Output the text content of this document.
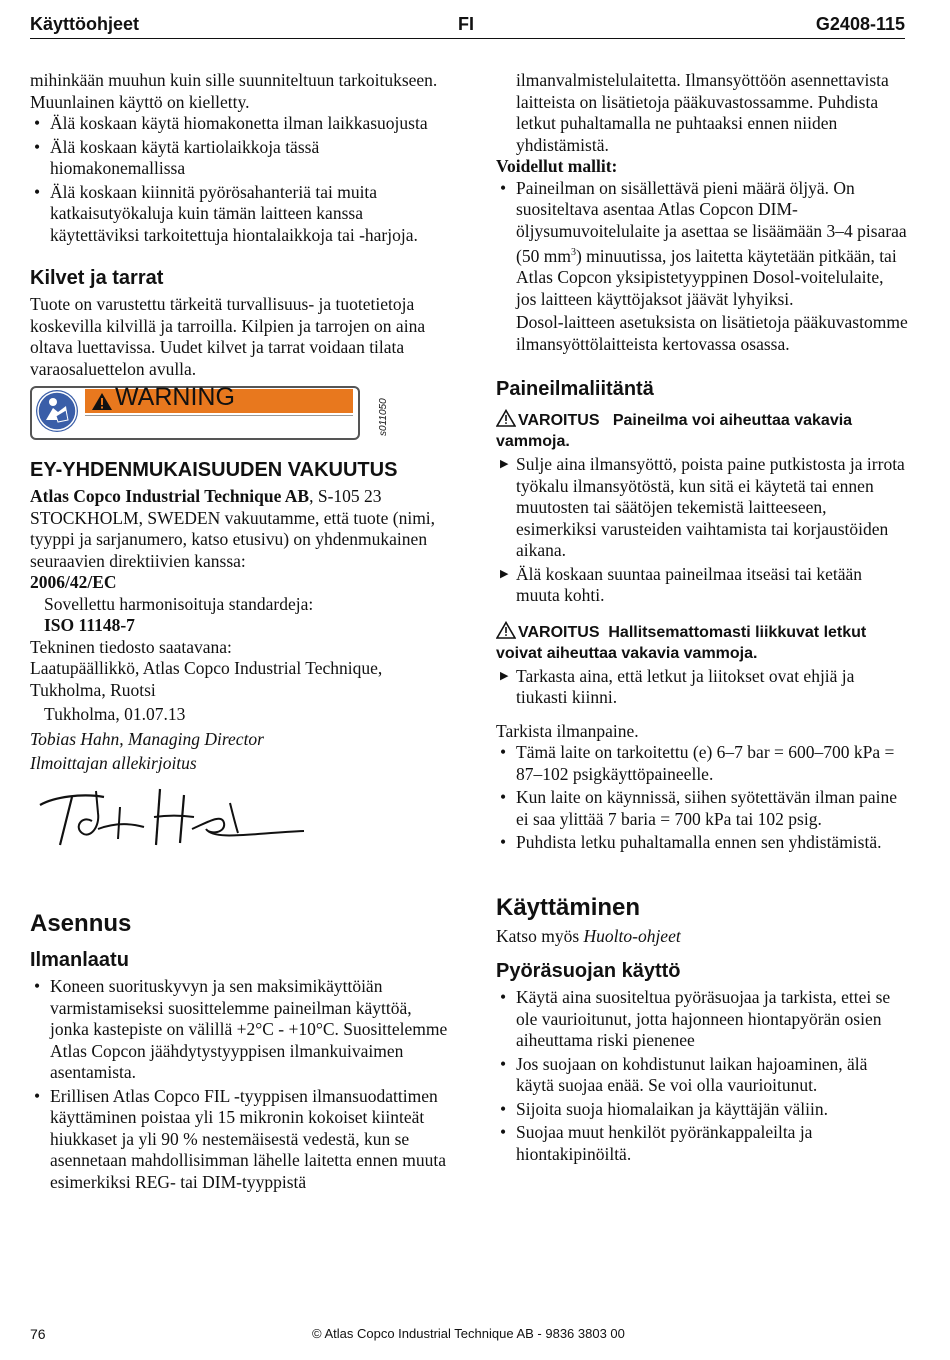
Käyttöohjeet	FI	G2408-115

mihinkään muuhun kuin sille suunniteltuun tarkoitukseen. Muunlainen käyttö on kielletty.

• Älä koskaan käytä hiomakonetta ilman laikkasuojusta
• Älä koskaan käytä kartiolaikkoja tässä hiomakonemallissa
• Älä koskaan kiinnitä pyörösahanteriä tai muita katkaisutyökaluja kuin tämän laitteen kanssa käytettäviksi tarkoitettuja hiontalaikkoja tai -harjoja.
Kilvet ja tarrat

Tuote on varustettu tärkeitä turvallisuus- ja tuotetietoja koskevilla kilvillä ja tarroilla. Kilpien ja tarrojen on aina oltava luettavissa. Uudet kilvet ja tarrat voidaan tilata varaosaluettelon avulla.

WARNING
s011050
EY-YHDENMUKAISUUDEN VAKUUTUS

Atlas Copco Industrial Technique AB, S-105 23 STOCKHOLM, SWEDEN vakuutamme, että tuote (nimi, tyyppi ja sarjanumero, katso etusivu) on yhdenmukainen seuraavien direktiivien kanssa:

2006/42/EC

Sovellettu harmonisoituja standardeja:

ISO 11148-7

Tekninen tiedosto saatavana:

Laatupäällikkö, Atlas Copco Industrial Technique, Tukholma, Ruotsi

Tukholma, 01.07.13

Tobias Hahn, Managing Director

Ilmoittajan allekirjoitus

Asennus
Ilmanlaatu
• Koneen suorituskyvyn ja sen maksimikäyttöiän varmistamiseksi suosittelemme paineilman käyttöä, jonka kastepiste on välillä +2°C - +10°C. Suosittelemme Atlas Copcon jäähdytystyyppisen ilmankuivaimen asentamista.
• Erillisen Atlas Copco FIL -tyyppisen ilmansuodattimen käyttäminen poistaa yli 15 mikronin kokoiset kiinteät hiukkaset ja yli 90 % nestemäisestä vedestä, kun se asennetaan mahdollisimman lähelle laitetta ennen muuta esimerkiksi REG- tai DIM-tyyppistä

ilmanvalmistelulaitetta. Ilmansyöttöön asennettavista laitteista on lisätietoja pääkuvastossamme. Puhdista letkut puhaltamalla ne puhtaaksi ennen niiden yhdistämistä.

Voidellut mallit:

• Paineilman on sisällettävä pieni määrä öljyä. On suositeltava asentaa Atlas Copcon DIM-öljysumuvoitelulaite ja asettaa se lisäämään 3–4 pisaraa (50 $mm^3$) minuutissa, jos laitetta käytetään pitkään, tai Atlas Copcon yksipistetyyppinen Dosol-voitelulaite, jos laitteen käyttöjaksot jäävät lyhyiksi.

Dosol-laitteen asetuksista on lisätietoja pääkuvastomme ilmansyöttölaitteista kertovassa osassa.

Paineilmaliitäntä
VAROITUS Paineilma voi aiheuttaa vakavia vammoja.
▶ Sulje aina ilmansyöttö, poista paine putkistosta ja irrota työkalu ilmansyötöstä, kun sitä ei käytetä tai ennen muutosten tai säätöjen tekemistä laitteeseen, esimerkiksi varusteiden vaihtamista tai korjaustöiden aikana.
▶ Älä koskaan suuntaa paineilmaa itseäsi tai ketään muuta kohti.
VAROITUS Hallitsemattomasti liikkuvat letkut voivat aiheuttaa vakavia vammoja.
▶ Tarkasta aina, että letkut ja liitokset ovat ehjiä ja tiukasti kiinni.

Tarkista ilmanpaine.

• Tämä laite on tarkoitettu (e) 6–7 bar = 600–700 kPa = 87–102 psigkäyttöpaineelle.
• Kun laite on käynnissä, siihen syötettävän ilman paine ei saa ylittää 7 baria = 700 kPa tai 102 psig.
• Puhdista letku puhaltamalla ennen sen yhdistämistä.
Käyttäminen

Katso myös Huolto-ohjeet

Pyöräsuojan käyttö
• Käytä aina suositeltua pyöräsuojaa ja tarkista, ettei se ole vaurioitunut, jotta hajonneen hiontapyörän osien aiheuttama riski pienenee
• Jos suojaan on kohdistunut laikan hajoaminen, älä käytä suojaa enää. Se voi olla vaurioitunut.
• Sijoita suoja hiomalaikan ja käyttäjän väliin.
• Suojaa muut henkilöt pyöränkappaleilta ja hiontakipinöiltä.
76	© Atlas Copco Industrial Technique AB - 9836 3803 00
